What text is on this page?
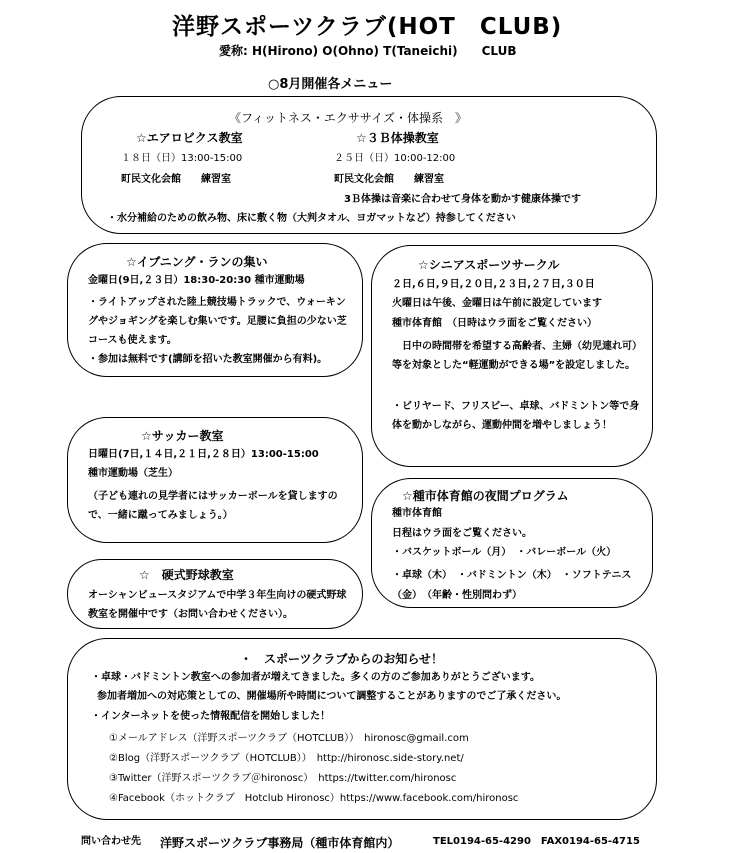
洋野スポーツクラブ(HOT　CLUB)
愛称: H(Hirono) O(Ohno) T(Taneichi)　　CLUB
○8月開催各メニュー
《フィットネス・エクササイズ・体操系　》
☆エアロビクス教室
１８日（日）13:00-15:00
町民文化会館　　練習室
☆３Ｂ体操教室
２５日（日）10:00-12:00
町民文化会館　　練習室
3Ｂ体操は音楽に合わせて身体を動かす健康体操です
・水分補給のための飲み物、床に敷く物（大判タオル、ヨガマットなど）持参してください
☆イブニング・ランの集い
金曜日(9日,２３日）18:30-20:30 種市運動場
・ライトアップされた陸上競技場トラックで、ウォーキングやジョギングを楽しむ集いです。足腰に負担の少ない芝コースも使えます。
・参加は無料です(講師を招いた教室開催から有料)。
☆シニアスポーツサークル
２日,６日,９日,２０日,２３日,２７日,３０日
火曜日は午後、金曜日は午前に設定しています
種市体育館　（日時はウラ面をご覧ください）
日中の時間帯を希望する高齢者、主婦（幼児連れ可）等を対象とした“軽運動ができる場”を設定しました。
・ビリヤード、フリスビー、卓球、バドミントン等で身体を動かしながら、運動仲間を増やしましょう！
☆サッカー教室
日曜日(7日,１４日,２１日,２８日）13:00-15:00
種市運動場（芝生）
（子ども連れの見学者にはサッカーボールを貸しますので、一緒に蹴ってみましょう。）
☆種市体育館の夜間プログラム
種市体育館
日程はウラ面をご覧ください。
・バスケットボール（月）　・バレーボール（火）
・卓球（木）　・バドミントン（木）　・ソフトテニス（金）　（年齢・性別問わず）
☆　硬式野球教室
オーシャンビュースタジアムで中学３年生向けの硬式野球教室を開催中です（お問い合わせください）。
・　スポーツクラブからのお知らせ！
・卓球・バドミントン教室への参加者が増えてきました。多くの方のご参加ありがとうございます。
参加者増加への対応策としての、開催場所や時間について調整することがありますのでご了承ください。
・インターネットを使った情報配信を開始しました！
①メールアドレス（洋野スポーツクラブ（HOTCLUB））　hironosc@gmail.com
②Blog（洋野スポーツクラブ（HOTCLUB））　http://hironosc.side-story.net/
③Twitter（洋野スポーツクラブ＠hironosc）　https://twitter.com/hironosc
④Facebook（ホットクラブ　Hotclub Hironosc）https://www.facebook.com/hironosc
問い合わせ先 洋野スポーツクラブ事務局（種市体育館内）	TEL0194-65-4290　FAX0194-65-4715
